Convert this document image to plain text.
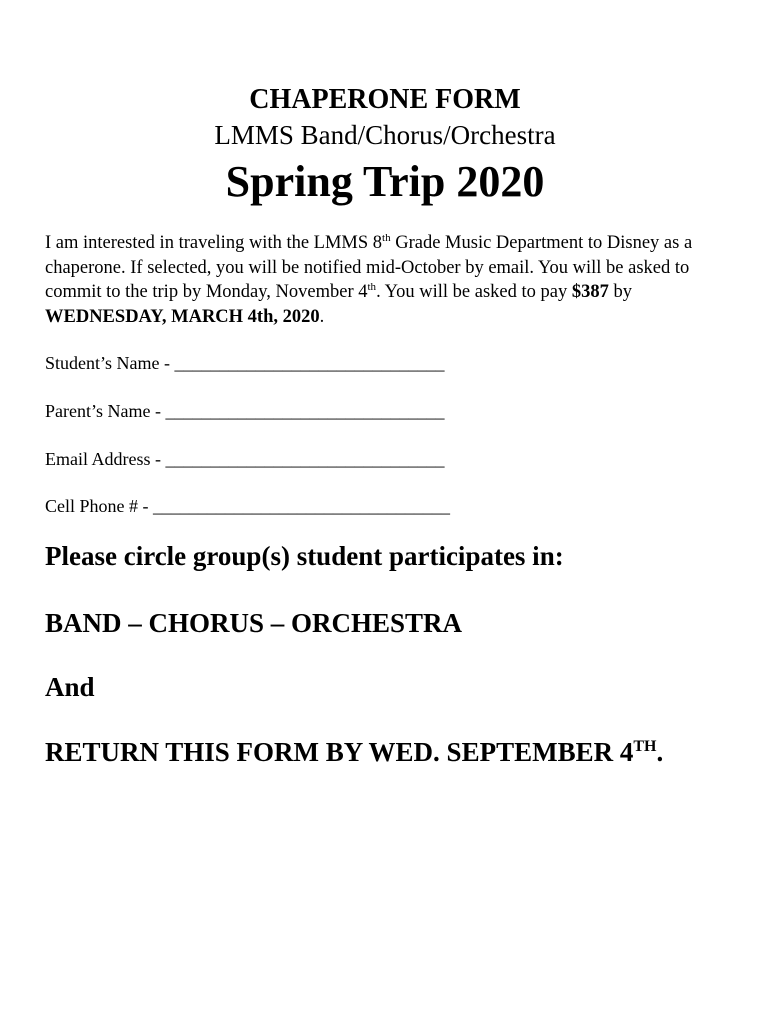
CHAPERONE FORM
LMMS Band/Chorus/Orchestra
Spring Trip 2020

I am interested in traveling with the LMMS 8th Grade Music Department to Disney as a chaperone. If selected, you will be notified mid-October by email. You will be asked to commit to the trip by Monday, November 4th. You will be asked to pay $387 by WEDNESDAY, MARCH 4th, 2020.

Student’s Name - ______________________________
Parent’s Name - _______________________________
Email Address - _______________________________
Cell Phone # - _________________________________
Please circle group(s) student participates in:
BAND – CHORUS – ORCHESTRA
And
RETURN THIS FORM BY WED. SEPTEMBER 4TH.
